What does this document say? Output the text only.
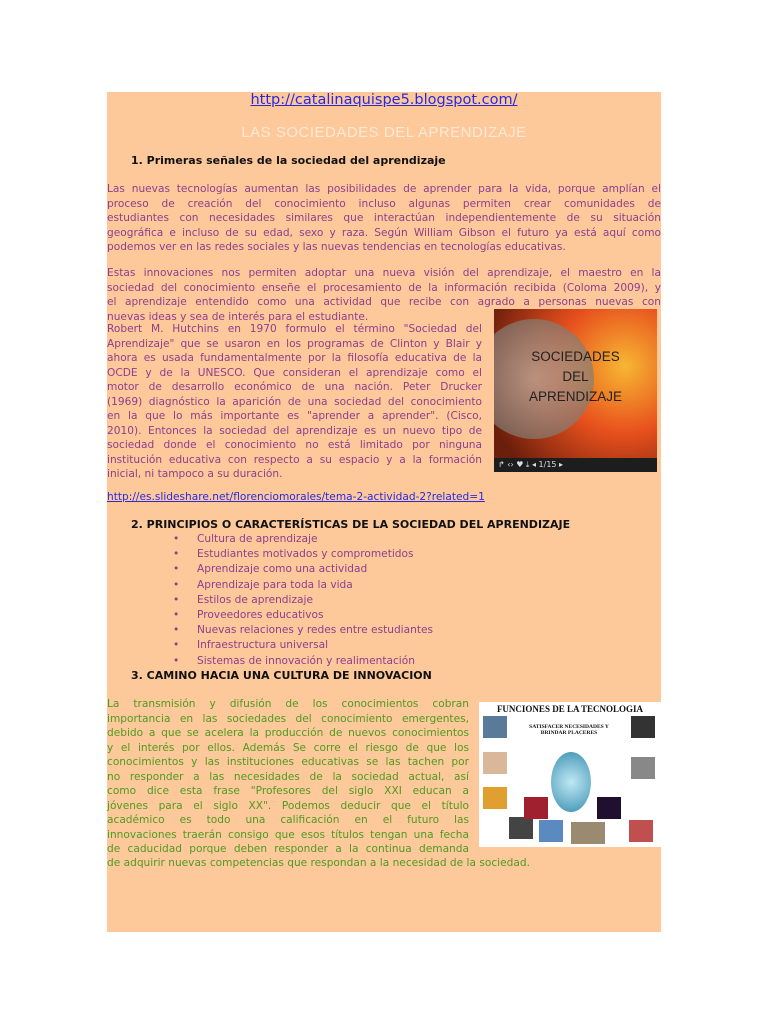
http://catalinaquispe5.blogspot.com/
LAS SOCIEDADES DEL APRENDIZAJE
1. Primeras señales de la sociedad del aprendizaje
Las nuevas tecnologías aumentan las posibilidades de aprender para la vida, porque amplían el
proceso de creación del conocimiento incluso algunas permiten crear comunidades de
estudiantes con necesidades similares que interactúan independientemente de su situación
geográfica e incluso de su edad, sexo y raza. Según William Gibson el futuro ya está aquí como
podemos ver en las redes sociales y las nuevas tendencias en tecnologías educativas.
Estas innovaciones nos permiten adoptar una nueva visión del aprendizaje, el maestro en la
sociedad del conocimiento enseñe el procesamiento de la información recibida (Coloma 2009), y
el aprendizaje entendido como una actividad que recibe con agrado a personas nuevas con
nuevas ideas y sea de interés para el estudiante.
Robert M. Hutchins en 1970 formulo el término "Sociedad del
Aprendizaje" que se usaron en los programas de Clinton y Blair y
ahora es usada fundamentalmente por la filosofía educativa de la
OCDE y de la UNESCO. Que consideran el aprendizaje como el
motor de desarrollo económico de una nación. Peter Drucker
(1969) diagnóstico la aparición de una sociedad del conocimiento
en la que lo más importante es "aprender a aprender". (Cisco,
2010). Entonces la sociedad del aprendizaje es un nuevo tipo de
sociedad donde el conocimiento no está limitado por ninguna
institución educativa con respecto a su espacio y a la formación
inicial, ni tampoco a su duración.
SOCIEDADES
DEL
APRENDIZAJE
↱ ‹› ♥ ⤓ ◂ 1/15 ▸
http://es.slideshare.net/florenciomorales/tema-2-actividad-2?related=1
2. PRINCIPIOS O CARACTERÍSTICAS DE LA SOCIEDAD DEL APRENDIZAJE
• Cultura de aprendizaje
• Estudiantes motivados y comprometidos
• Aprendizaje como una actividad
• Aprendizaje para toda la vida
• Estilos de aprendizaje
• Proveedores educativos
• Nuevas relaciones y redes entre estudiantes
• Infraestructura universal
• Sistemas de innovación y realimentación
3. CAMINO HACIA UNA CULTURA DE INNOVACION
La transmisión y difusión de los conocimientos cobran
importancia en las sociedades del conocimiento emergentes,
debido a que se acelera la producción de nuevos conocimientos
y el interés por ellos. Además Se corre el riesgo de que los
conocimientos y las instituciones educativas se las tachen por
no responder a las necesidades de la sociedad actual, así
como dice esta frase "Profesores del siglo XXI educan a
jóvenes para el siglo XX". Podemos deducir que el título
académico es todo una calificación en el futuro las
innovaciones traerán consigo que esos títulos tengan una fecha
de caducidad porque deben responder a la continua demanda
de adquirir nuevas competencias que respondan a la necesidad de la sociedad.
FUNCIONES DE LA TECNOLOGIA
SATISFACER NECESIDADES Y BRINDAR PLACERES
